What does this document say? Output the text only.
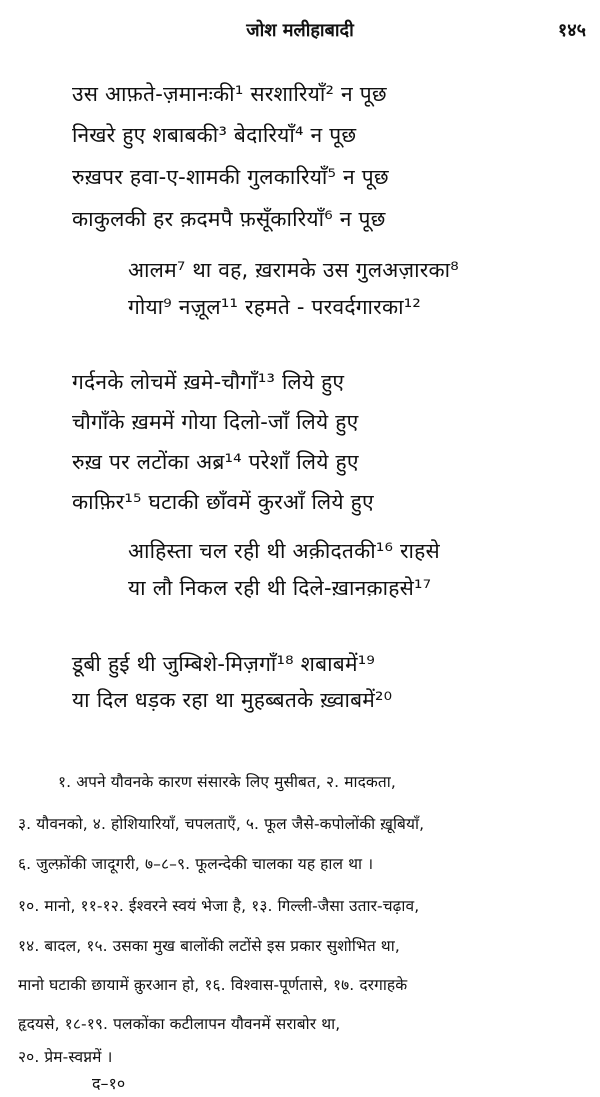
जोश मलीहाबादी	१४५
उस आफ़ते-ज़मानःकी¹ सरशारियाँ² न पूछ
निखरे हुए शबाबकी³ बेदारियाँ⁴ न पूछ
रुख़पर हवा-ए-शामकी गुलकारियाँ⁵ न पूछ
काकुलकी हर क़दमपै फ़सूँकारियाँ⁶ न पूछ
आलम⁷ था वह, ख़रामके उस गुलअज़ारका⁸
गोया⁹ नज़ूल¹¹ रहमते - परवर्दगारका¹²
गर्दनके लोचमें ख़मे-चौगाँ¹³ लिये हुए
चौगाँके ख़ममें गोया दिलो-जाँ लिये हुए
रुख़ पर लटोंका अब्र¹⁴ परेशाँ लिये हुए
काफ़िर¹⁵ घटाकी छाँवमें कुरआँ लिये हुए
आहिस्ता चल रही थी अक़ीदतकी¹⁶ राहसे
या लौ निकल रही थी दिले-ख़ानक़ाहसे¹⁷
डूबी हुई थी जुम्बिशे-मिज़गाँ¹⁸ शबाबमें¹⁹
या दिल धड़क रहा था मुहब्बतके ख़्वाबमें²⁰
१. अपने यौवनके कारण संसारके लिए मुसीबत, २. मादकता,
३. यौवनको, ४. होशियारियाँ, चपलताएँ, ५. फूल जैसे-कपोलोंकी ख़ूबियाँ,
६. जुल्फ़ोंकी जादूगरी, ७–८–९. फूलन्देकी चालका यह हाल था ।
१०. मानो, ११-१२. ईश्वरने स्वयं भेजा है, १३. गिल्ली-जैसा उतार-चढ़ाव,
१४. बादल, १५. उसका मुख बालोंकी लटोंसे इस प्रकार सुशोभित था,
मानो घटाकी छायामें क़ुरआन हो, १६. विश्वास-पूर्णतासे, १७. दरगाहके
हृदयसे, १८-१९. पलकोंका कटीलापन यौवनमें सराबोर था,
२०. प्रेम-स्वप्नमें ।
द–१०
